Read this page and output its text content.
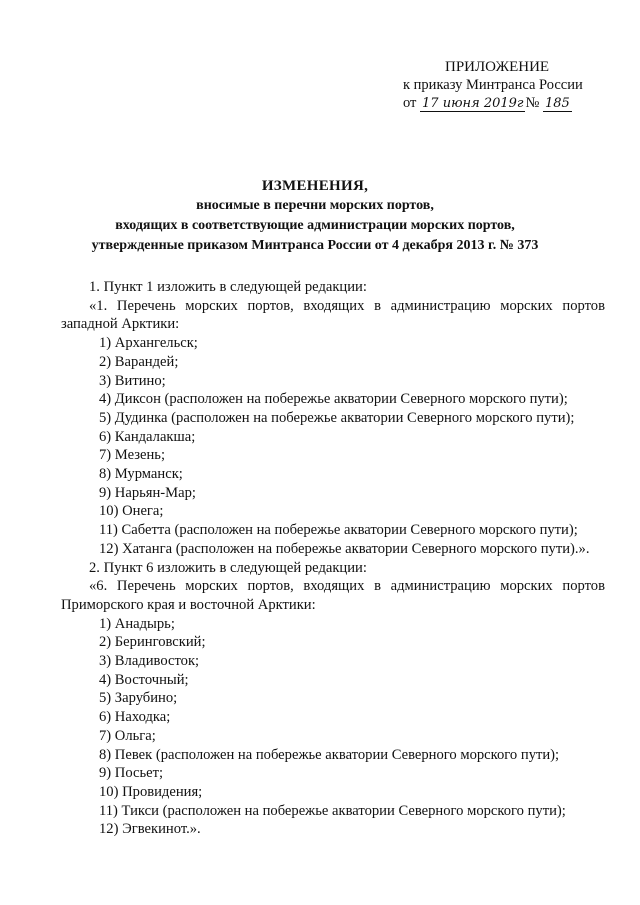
ПРИЛОЖЕНИЕ
к приказу Минтранса России
от 17 июня 2019г № 185
ИЗМЕНЕНИЯ,
вносимые в перечни морских портов,
входящих в соответствующие администрации морских портов,
утвержденные приказом Минтранса России от 4 декабря 2013 г. № 373

1. Пункт 1 изложить в следующей редакции:

«1. Перечень морских портов, входящих в администрацию морских портов

западной Арктики:

1) Архангельск;

2) Варандей;

3) Витино;

4) Диксон (расположен на побережье акватории Северного морского пути);

5) Дудинка (расположен на побережье акватории Северного морского пути);

6) Кандалакша;

7) Мезень;

8) Мурманск;

9) Нарьян-Мар;

10) Онега;

11) Сабетта (расположен на побережье акватории Северного морского пути);

12) Хатанга (расположен на побережье акватории Северного морского пути).».

2. Пункт 6 изложить в следующей редакции:

«6. Перечень морских портов, входящих в администрацию морских портов

Приморского края и восточной Арктики:

1) Анадырь;

2) Беринговский;

3) Владивосток;

4) Восточный;

5) Зарубино;

6) Находка;

7) Ольга;

8) Певек (расположен на побережье акватории Северного морского пути);

9) Посьет;

10) Провидения;

11) Тикси (расположен на побережье акватории Северного морского пути);

12) Эгвекинот.».
